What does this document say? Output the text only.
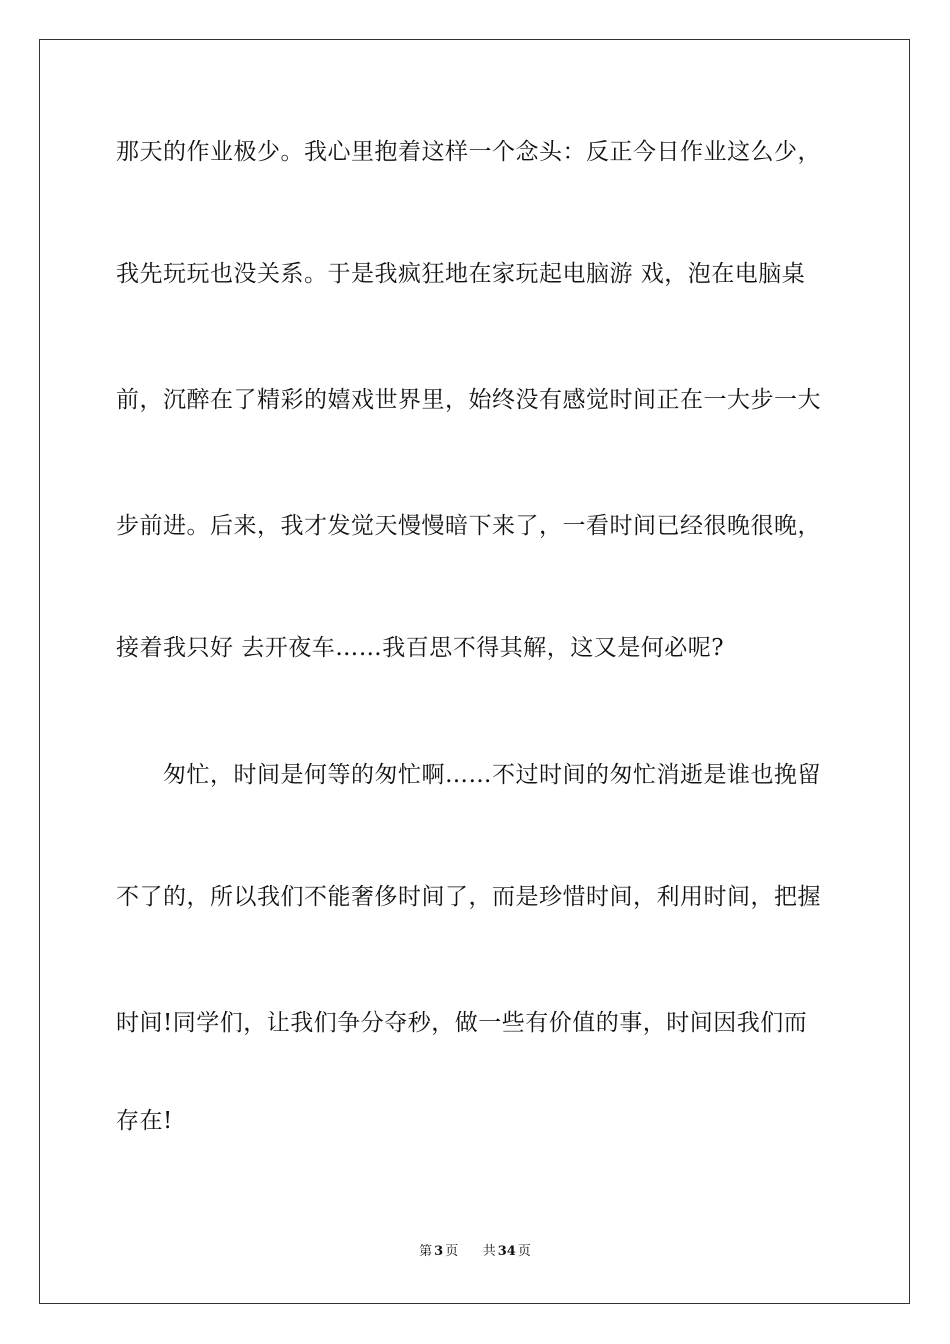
那天的作业极少。我心里抱着这样一个念头：反正今日作业这么少，
我先玩玩也没关系。于是我疯狂地在家玩起电脑游 戏，泡在电脑桌
前，沉醉在了精彩的嬉戏世界里，始终没有感觉时间正在一大步一大
步前进。后来，我才发觉天慢慢暗下来了，一看时间已经很晚很晚，
接着我只好 去开夜车……我百思不得其解，这又是何必呢?
　　匆忙，时间是何等的匆忙啊……不过时间的匆忙消逝是谁也挽留
不了的，所以我们不能奢侈时间了，而是珍惜时间，利用时间，把握
时间!同学们，让我们争分夺秒，做一些有价值的事，时间因我们而
存在!
第 3 页 共 34 页
